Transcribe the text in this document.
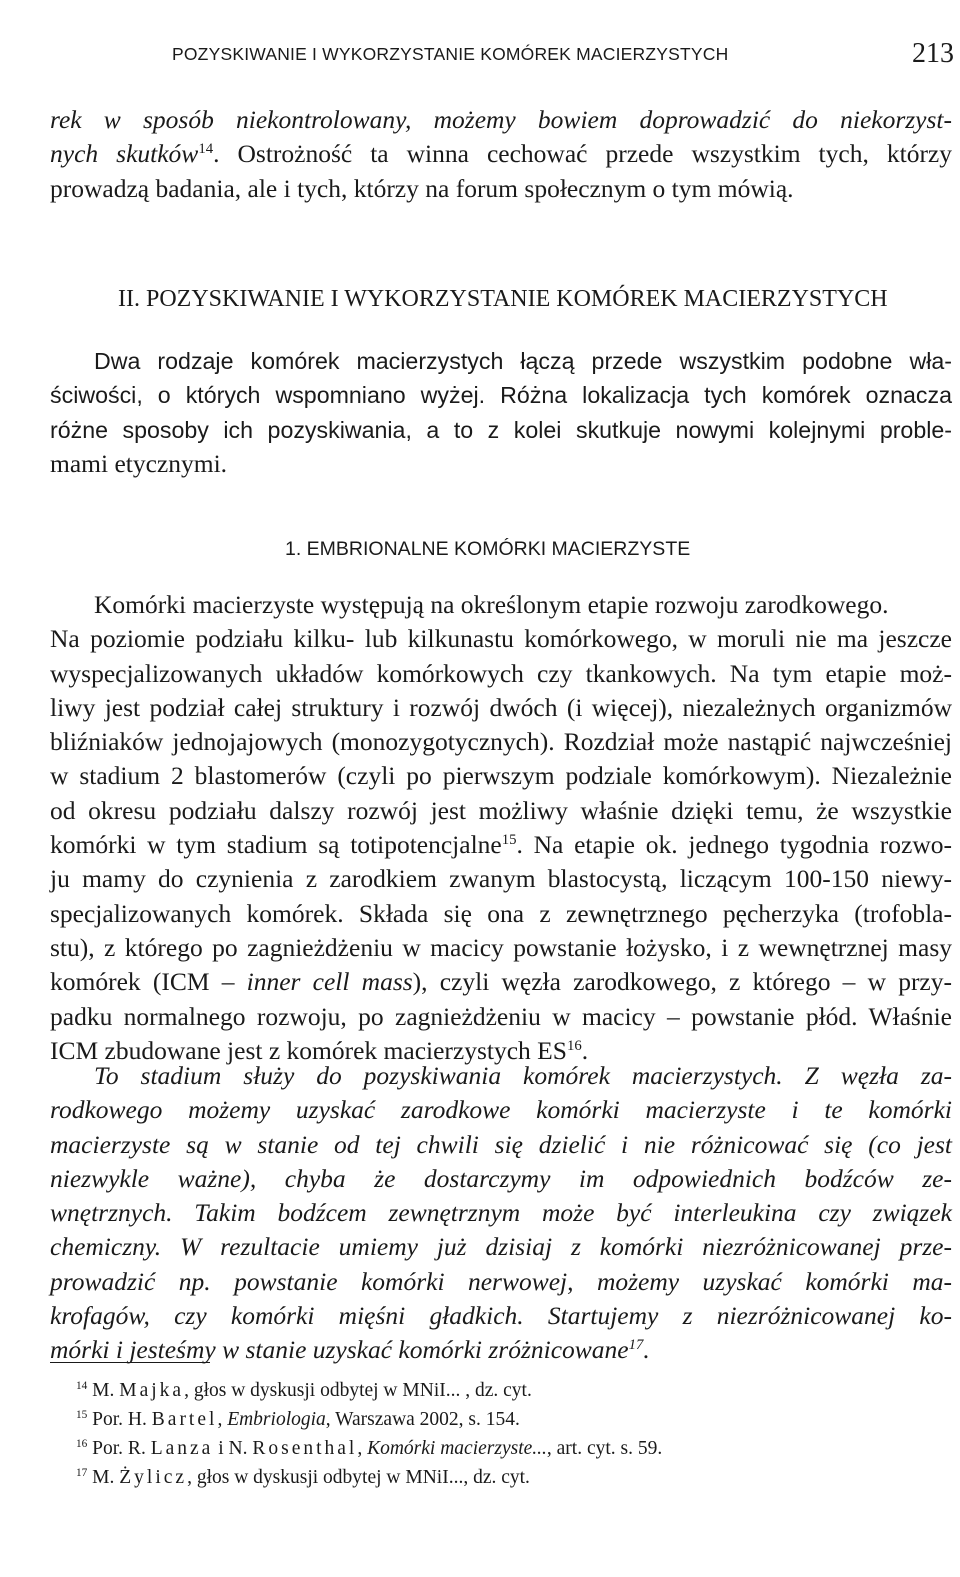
POZYSKIWANIE I WYKORZYSTANIE KOMÓREK MACIERZYSTYCH	213
rek w sposób niekontrolowany, możemy bowiem doprowadzić do niekorzyst-
nych skutków$^{14}$. Ostrożność ta winna cechować przede wszystkim tych, którzy
prowadzą badania, ale i tych, którzy na forum społecznym o tym mówią.
II. POZYSKIWANIE I WYKORZYSTANIE KOMÓREK MACIERZYSTYCH
Dwa rodzaje komórek macierzystych łączą przede wszystkim podobne wła-
ściwości, o których wspomniano wyżej. Różna lokalizacja tych komórek oznacza
różne sposoby ich pozyskiwania, a to z kolei skutkuje nowymi kolejnymi proble-
mami etycznymi.
1. EMBRIONALNE KOMÓRKI MACIERZYSTE
Komórki macierzyste występują na określonym etapie rozwoju zarodkowego.
Na poziomie podziału kilku- lub kilkunastu komórkowego, w moruli nie ma jeszcze
wyspecjalizowanych układów komórkowych czy tkankowych. Na tym etapie moż-
liwy jest podział całej struktury i rozwój dwóch (i więcej), niezależnych organizmów
bliźniaków jednojajowych (monozygotycznych). Rozdział może nastąpić najwcześniej
w stadium 2 blastomerów (czyli po pierwszym podziale komórkowym). Niezależnie
od okresu podziału dalszy rozwój jest możliwy właśnie dzięki temu, że wszystkie
komórki w tym stadium są totipotencjalne$^{15}$. Na etapie ok. jednego tygodnia rozwo-
ju mamy do czynienia z zarodkiem zwanym blastocystą, liczącym 100-150 niewy-
specjalizowanych komórek. Składa się ona z zewnętrznego pęcherzyka (trofobla-
stu), z którego po zagnieżdżeniu w macicy powstanie łożysko, i z wewnętrznej masy
komórek (ICM – inner cell mass), czyli węzła zarodkowego, z którego – w przy-
padku normalnego rozwoju, po zagnieżdżeniu w macicy – powstanie płód. Właśnie
ICM zbudowane jest z komórek macierzystych ES$^{16}$.
To stadium służy do pozyskiwania komórek macierzystych. Z węzła za-
rodkowego możemy uzyskać zarodkowe komórki macierzyste i te komórki
macierzyste są w stanie od tej chwili się dzielić i nie różnicować się (co jest
niezwykle ważne), chyba że dostarczymy im odpowiednich bodźców ze-
wnętrznych. Takim bodźcem zewnętrznym może być interleukina czy związek
chemiczny. W rezultacie umiemy już dzisiaj z komórki niezróżnicowanej prze-
prowadzić np. powstanie komórki nerwowej, możemy uzyskać komórki ma-
krofagów, czy komórki mięśni gładkich. Startujemy z niezróżnicowanej ko-
mórki i jesteśmy w stanie uzyskać komórki zróżnicowane$^{17}$.
$^{14}$ M. Majka, głos w dyskusji odbytej w MNiI... , dz. cyt.
$^{15}$ Por. H. Bartel, Embriologia, Warszawa 2002, s. 154.
$^{16}$ Por. R. Lanza i N. Rosenthal, Komórki macierzyste..., art. cyt. s. 59.
$^{17}$ M. Żylicz, głos w dyskusji odbytej w MNiI..., dz. cyt.
